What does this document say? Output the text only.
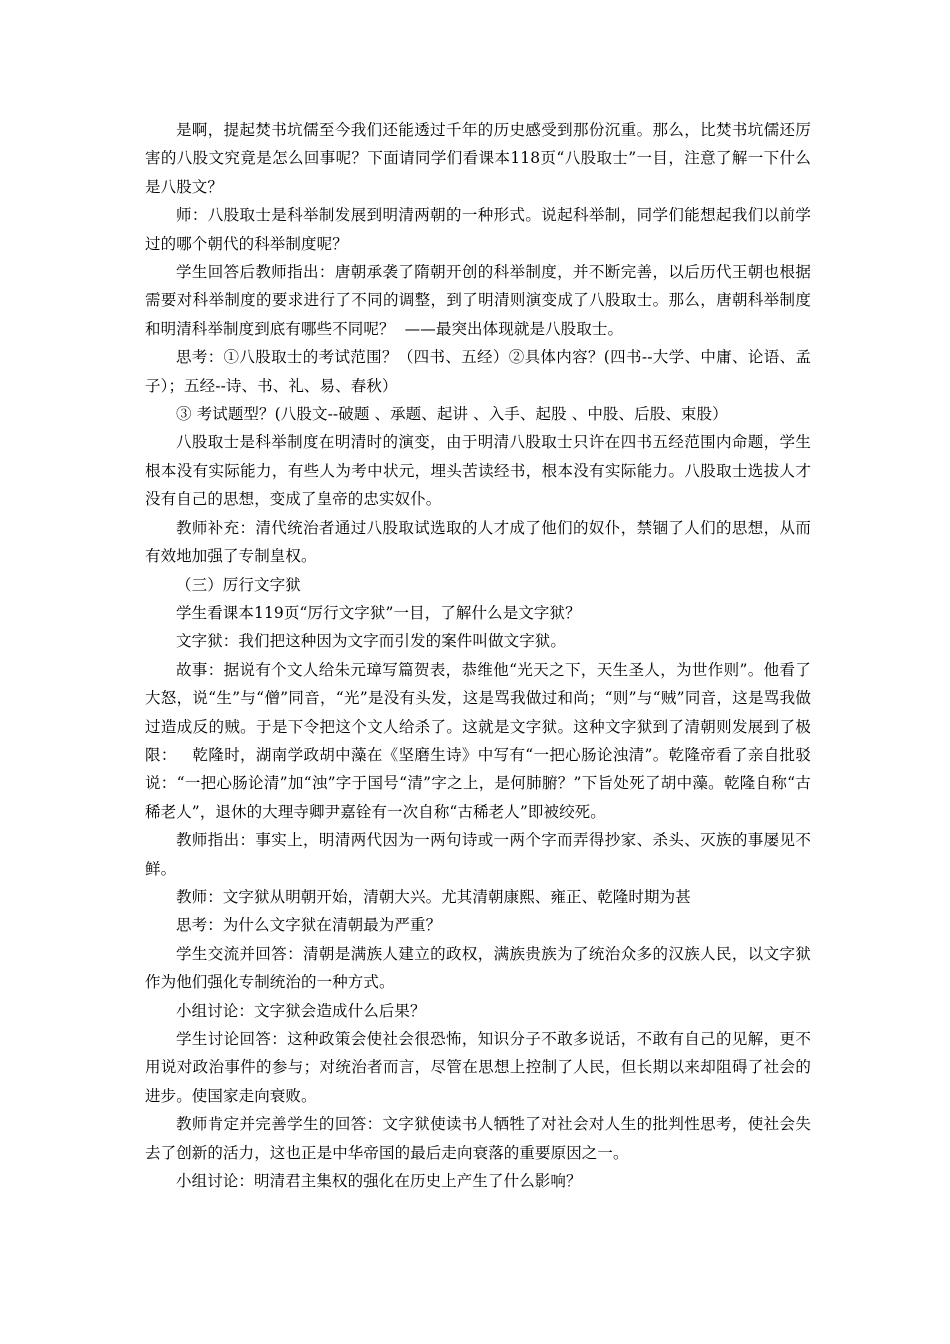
是啊，提起焚书坑儒至今我们还能透过千年的历史感受到那份沉重。那么，比焚书坑儒还厉害的八股文究竟是怎么回事呢？下面请同学们看课本118页“八股取士”一目，注意了解一下什么是八股文？

师：八股取士是科举制发展到明清两朝的一种形式。说起科举制，同学们能想起我们以前学过的哪个朝代的科举制度呢？

学生回答后教师指出：唐朝承袭了隋朝开创的科举制度，并不断完善，以后历代王朝也根据需要对科举制度的要求进行了不同的调整，到了明清则演变成了八股取士。那么，唐朝科举制度和明清科举制度到底有哪些不同呢？  ——最突出体现就是八股取士。

思考：①八股取士的考试范围？（四书、五经）②具体内容？(四书--大学、中庸、论语、孟子）；五经--诗、书、礼、易、春秋）

③ 考试题型？(八股文--破题 、承题、起讲 、入手、起股 、中股、后股、束股）

八股取士是科举制度在明清时的演变，由于明清八股取士只许在四书五经范围内命题，学生根本没有实际能力，有些人为考中状元，埋头苦读经书，根本没有实际能力。八股取士选拔人才没有自己的思想，变成了皇帝的忠实奴仆。

教师补充：清代统治者通过八股取试选取的人才成了他们的奴仆，禁锢了人们的思想，从而有效地加强了专制皇权。

（三）厉行文字狱

学生看课本119页“厉行文字狱”一目，了解什么是文字狱？

文字狱：我们把这种因为文字而引发的案件叫做文字狱。

故事：据说有个文人给朱元璋写篇贺表，恭维他“光天之下，天生圣人，为世作则”。他看了大怒，说“生”与“僧”同音，“光”是没有头发，这是骂我做过和尚；“则”与“贼”同音，这是骂我做过造成反的贼。于是下令把这个文人给杀了。这就是文字狱。这种文字狱到了清朝则发展到了极限：   乾隆时，湖南学政胡中藻在《坚磨生诗》中写有“一把心肠论浊清”。乾隆帝看了亲自批驳说：“一把心肠论清”加“浊”字于国号“清”字之上，是何肺腑？”下旨处死了胡中藻。乾隆自称“古稀老人”，退休的大理寺卿尹嘉铨有一次自称“古稀老人”即被绞死。

教师指出：事实上，明清两代因为一两句诗或一两个字而弄得抄家、杀头、灭族的事屡见不鲜。

教师：文字狱从明朝开始，清朝大兴。尤其清朝康熙、雍正、乾隆时期为甚

思考：为什么文字狱在清朝最为严重？

学生交流并回答：清朝是满族人建立的政权，满族贵族为了统治众多的汉族人民，以文字狱作为他们强化专制统治的一种方式。

小组讨论：文字狱会造成什么后果？

学生讨论回答：这种政策会使社会很恐怖，知识分子不敢多说话，不敢有自己的见解，更不用说对政治事件的参与；对统治者而言，尽管在思想上控制了人民，但长期以来却阻碍了社会的进步。使国家走向衰败。

教师肯定并完善学生的回答：文字狱使读书人牺牲了对社会对人生的批判性思考，使社会失去了创新的活力，这也正是中华帝国的最后走向衰落的重要原因之一。

小组讨论：明清君主集权的强化在历史上产生了什么影响？
